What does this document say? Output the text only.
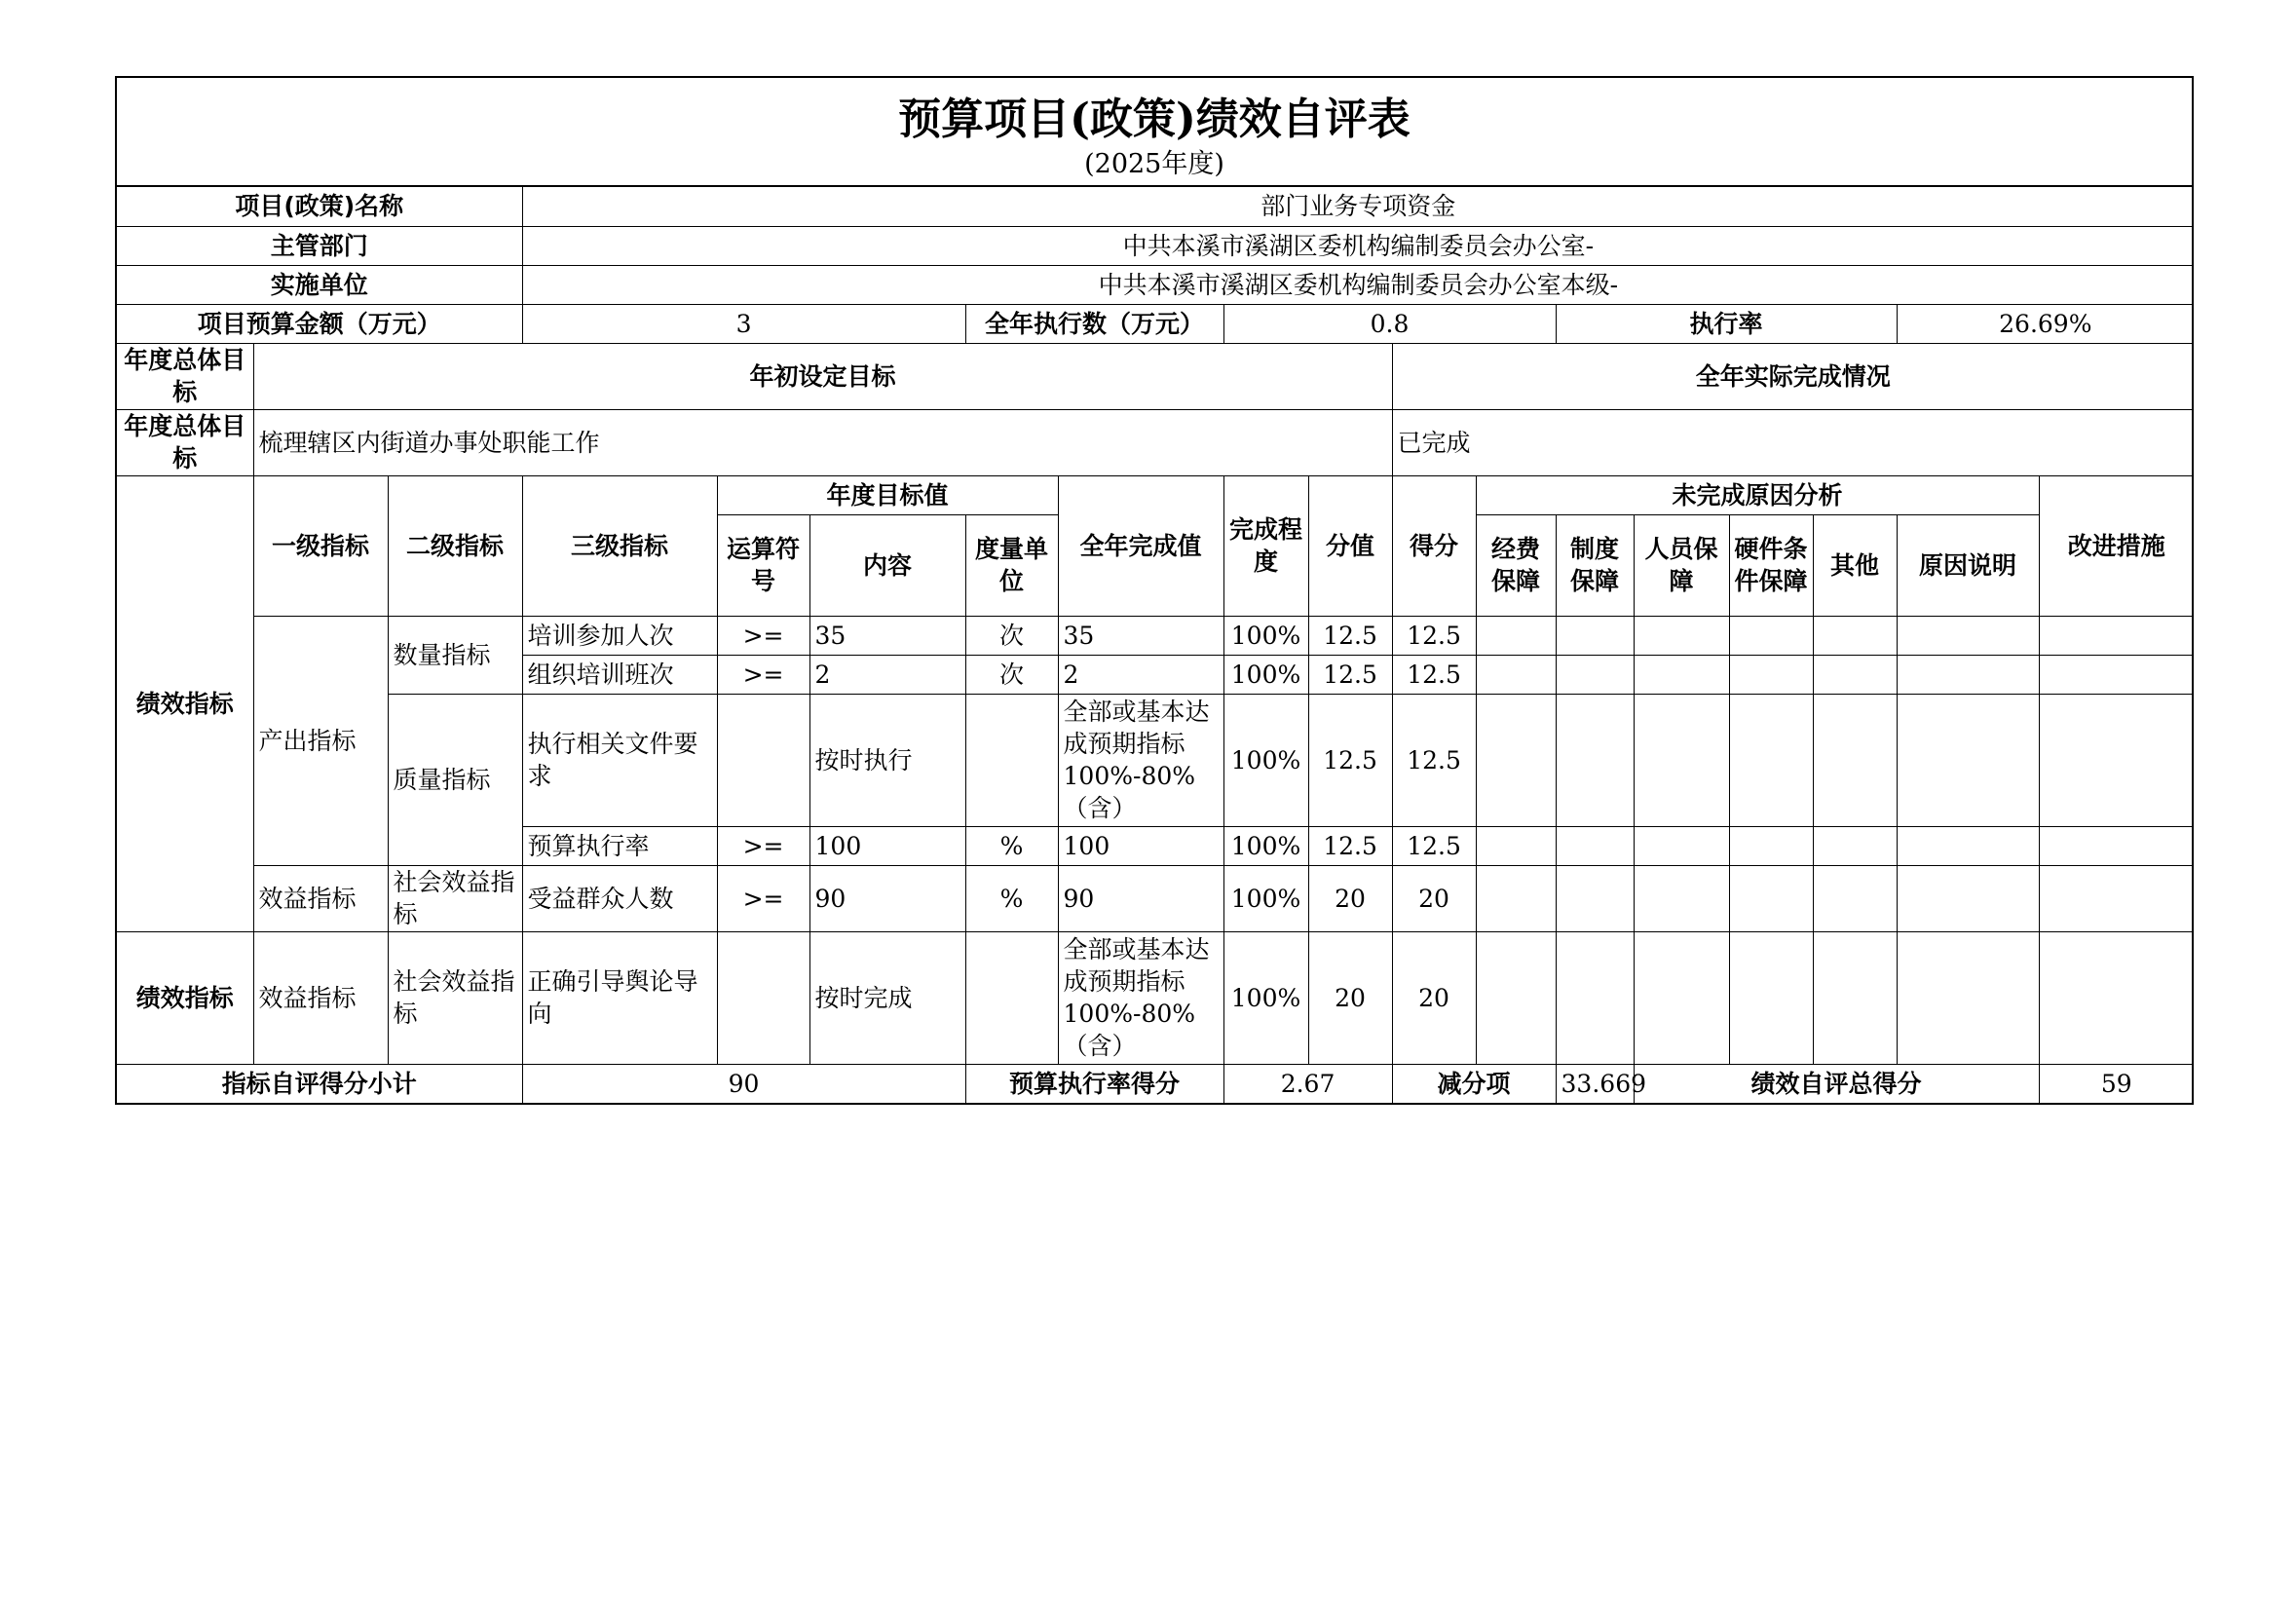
预算项目(政策)绩效自评表
(2025年度)
项目(政策)名称			部门业务专项资金														
主管部门			中共本溪市溪湖区委机构编制委员会办公室-														
实施单位			中共本溪市溪湖区委机构编制委员会办公室本级-														
项目预算金额（万元）			3			全年执行数（万元）		0.8				执行率				26.69%	
年度总体目标	年初设定目标									全年实际完成情况							
年度总体目标	梳理辖区内街道办事处职能工作									已完成							
绩效指标	一级指标	二级指标	三级指标	年度目标值			全年完成值	完成程度	分值	得分	未完成原因分析						改进措施
				运算符号	内容	度量单位					经费保障	制度保障	人员保障	硬件条件保障	其他	原因说明	
	产出指标	数量指标	培训参加人次	>=	35	次	35	100%	12.5	12.5							
			组织培训班次	>=	2	次	2	100%	12.5	12.5							
		质量指标	执行相关文件要求		按时执行		全部或基本达成预期指标100%-80%（含）	100%	12.5	12.5							
			预算执行率	>=	100	%	100	100%	12.5	12.5							
	效益指标	社会效益指标	受益群众人数	>=	90	%	90	100%	20	20							

绩效指标	效益指标	社会效益指标	正确引导舆论导向		按时完成		全部或基本达成预期指标100%-80%（含）	100%	20	20							
指标自评得分小计			90			预算执行率得分		2.67		减分项		33.669	绩效自评总得分				59
